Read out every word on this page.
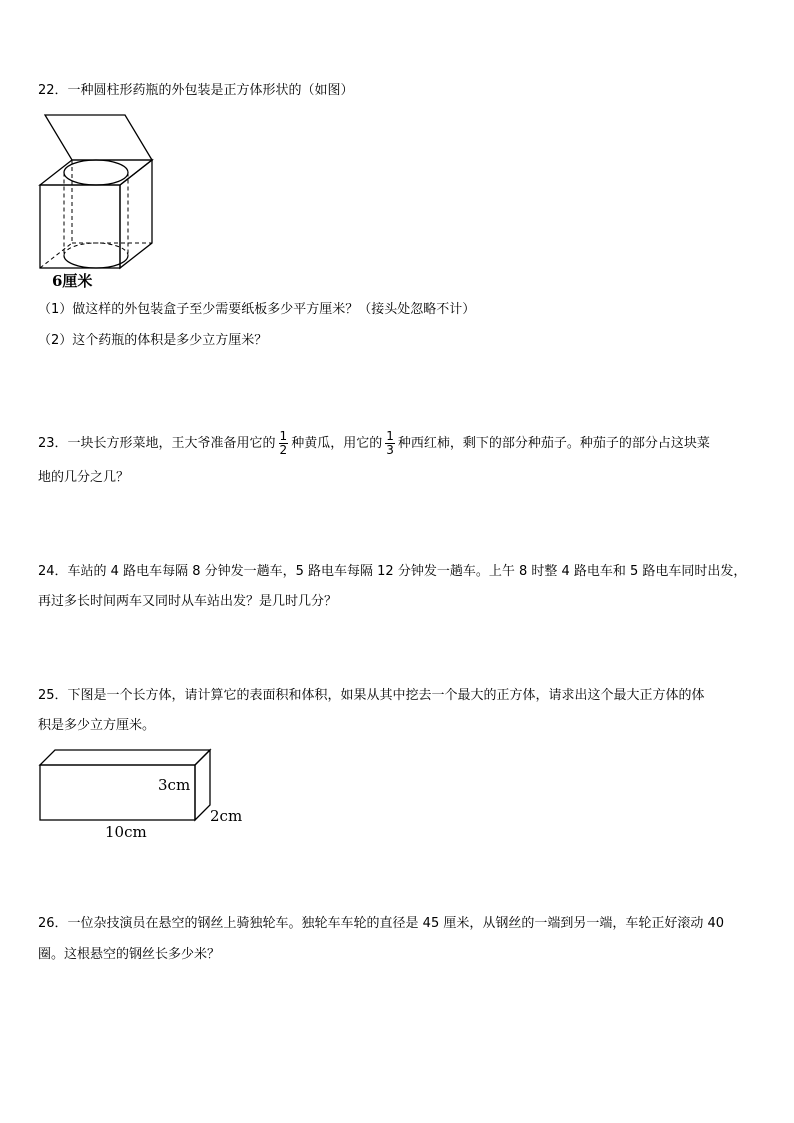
22．一种圆柱形药瓶的外包装是正方体形状的（如图）
6厘米
（1）做这样的外包装盒子至少需要纸板多少平方厘米？（接头处忽略不计）
（2）这个药瓶的体积是多少立方厘米？
23．一块长方形菜地，王大爷准备用它的 $\frac{1}{2}$ 种黄瓜，用它的 $\frac{1}{3}$ 种西红柿，剩下的部分种茄子。种茄子的部分占这块菜
地的几分之几？
24．车站的 4 路电车每隔 8 分钟发一趟车，5 路电车每隔 12 分钟发一趟车。上午 8 时整 4 路电车和 5 路电车同时出发，
再过多长时间两车又同时从车站出发？是几时几分？
25．下图是一个长方体，请计算它的表面积和体积，如果从其中挖去一个最大的正方体，请求出这个最大正方体的体
积是多少立方厘米。
3cm
2cm
10cm
26．一位杂技演员在悬空的钢丝上骑独轮车。独轮车车轮的直径是 45 厘米，从钢丝的一端到另一端，车轮正好滚动 40
圈。这根悬空的钢丝长多少米？
